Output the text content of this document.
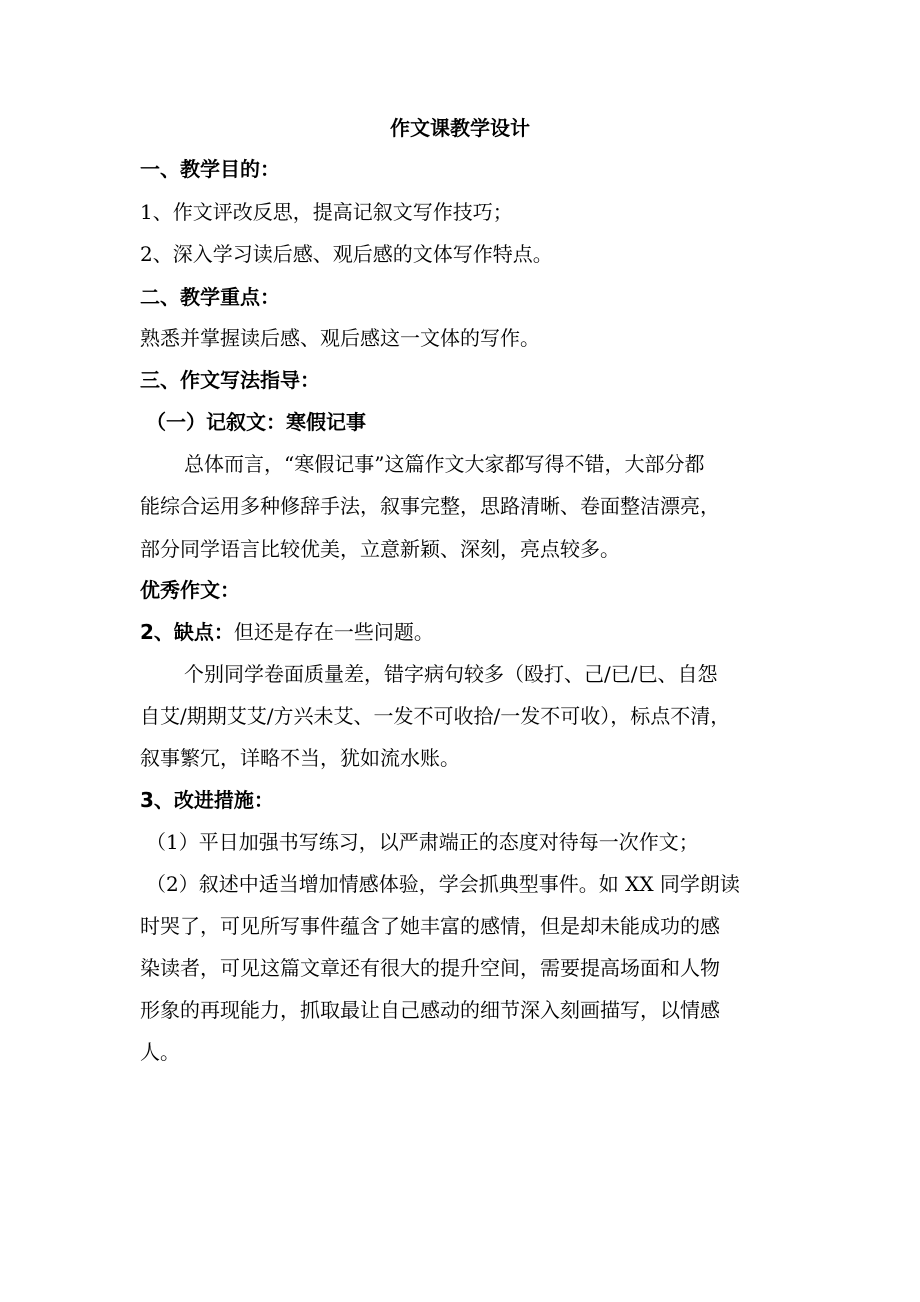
作文课教学设计
一、教学目的：
1、作文评改反思，提高记叙文写作技巧；
2、深入学习读后感、观后感的文体写作特点。
二、教学重点：
熟悉并掌握读后感、观后感这一文体的写作。
三、作文写法指导：
（一）记叙文：寒假记事
总体而言，“寒假记事”这篇作文大家都写得不错，大部分都
能综合运用多种修辞手法，叙事完整，思路清晰、卷面整洁漂亮，
部分同学语言比较优美，立意新颖、深刻，亮点较多。
优秀作文：
2、缺点：但还是存在一些问题。
个别同学卷面质量差，错字病句较多（殴打、己/已/巳、自怨
自艾/期期艾艾/方兴未艾、一发不可收拾/一发不可收），标点不清，
叙事繁冗，详略不当，犹如流水账。
3、改进措施：
（1）平日加强书写练习，以严肃端正的态度对待每一次作文；
（2）叙述中适当增加情感体验，学会抓典型事件。如 XX 同学朗读
时哭了，可见所写事件蕴含了她丰富的感情，但是却未能成功的感
染读者，可见这篇文章还有很大的提升空间，需要提高场面和人物
形象的再现能力，抓取最让自己感动的细节深入刻画描写，以情感
人。
